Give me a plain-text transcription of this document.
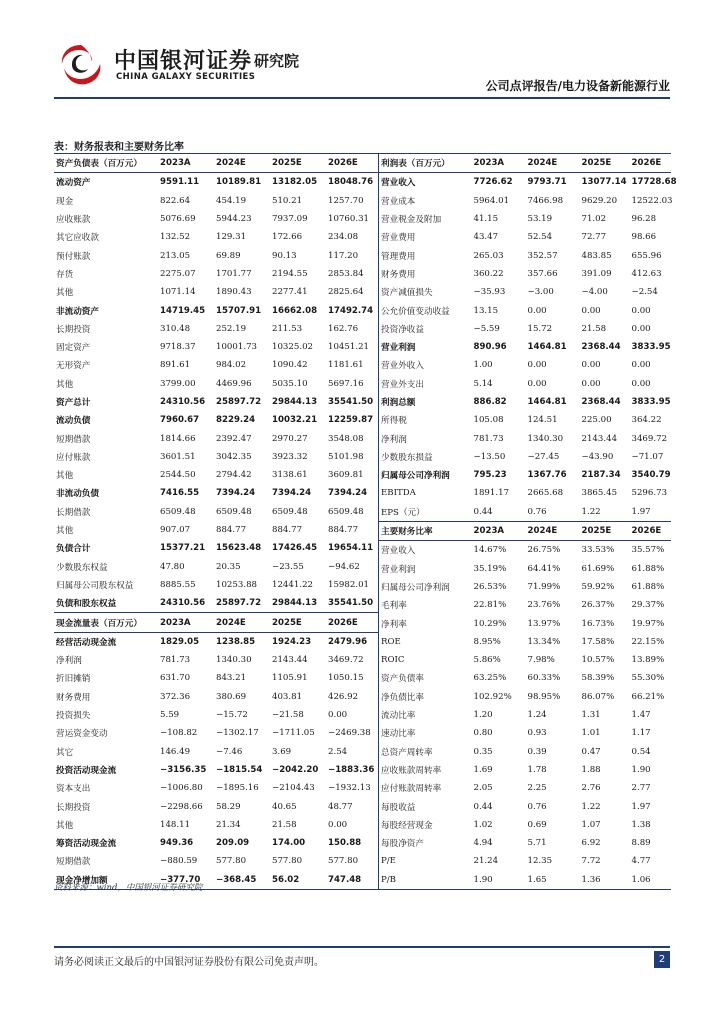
中国银河证券
CHINA GALAXY SECURITIES
研究院
公司点评报告/电力设备新能源行业
表：财务报表和主要财务比率
资产负债表（百万元）	2023A	2024E	2025E	2026E
流动资产	9591.11	10189.81	13182.05	18048.76
现金	822.64	454.19	510.21	1257.70
应收账款	5076.69	5944.23	7937.09	10760.31
其它应收款	132.52	129.31	172.66	234.08
预付账款	213.05	69.89	90.13	117.20
存货	2275.07	1701.77	2194.55	2853.84
其他	1071.14	1890.43	2277.41	2825.64
非流动资产	14719.45	15707.91	16662.08	17492.74
长期投资	310.48	252.19	211.53	162.76
固定资产	9718.37	10001.73	10325.02	10451.21
无形资产	891.61	984.02	1090.42	1181.61
其他	3799.00	4469.96	5035.10	5697.16
资产总计	24310.56	25897.72	29844.13	35541.50
流动负债	7960.67	8229.24	10032.21	12259.87
短期借款	1814.66	2392.47	2970.27	3548.08
应付账款	3601.51	3042.35	3923.32	5101.98
其他	2544.50	2794.42	3138.61	3609.81
非流动负债	7416.55	7394.24	7394.24	7394.24
长期借款	6509.48	6509.48	6509.48	6509.48
其他	907.07	884.77	884.77	884.77
负债合计	15377.21	15623.48	17426.45	19654.11
少数股东权益	47.80	20.35	−23.55	−94.62
归属母公司股东权益	8885.55	10253.88	12441.22	15982.01
负债和股东权益	24310.56	25897.72	29844.13	35541.50
现金流量表（百万元）	2023A	2024E	2025E	2026E
经营活动现金流	1829.05	1238.85	1924.23	2479.96
净利润	781.73	1340.30	2143.44	3469.72
折旧摊销	631.70	843.21	1105.91	1050.15
财务费用	372.36	380.69	403.81	426.92
投资损失	5.59	−15.72	−21.58	0.00
营运资金变动	−108.82	−1302.17	−1711.05	−2469.38
其它	146.49	−7.46	3.69	2.54
投资活动现金流	−3156.35	−1815.54	−2042.20	−1883.36
资本支出	−1006.80	−1895.16	−2104.43	−1932.13
长期投资	−2298.66	58.29	40.65	48.77
其他	148.11	21.34	21.58	0.00
筹资活动现金流	949.36	209.09	174.00	150.88
短期借款	−880.59	577.80	577.80	577.80
现金净增加额	−377.70	−368.45	56.02	747.48
利润表（百万元）	2023A	2024E	2025E	2026E
营业收入	7726.62	9793.71	13077.14	17728.68
营业成本	5964.01	7466.98	9629.20	12522.03
营业税金及附加	41.15	53.19	71.02	96.28
营业费用	43.47	52.54	72.77	98.66
管理费用	265.03	352.57	483.85	655.96
财务费用	360.22	357.66	391.09	412.63
资产减值损失	−35.93	−3.00	−4.00	−2.54
公允价值变动收益	13.15	0.00	0.00	0.00
投资净收益	−5.59	15.72	21.58	0.00
营业利润	890.96	1464.81	2368.44	3833.95
营业外收入	1.00	0.00	0.00	0.00
营业外支出	5.14	0.00	0.00	0.00
利润总额	886.82	1464.81	2368.44	3833.95
所得税	105.08	124.51	225.00	364.22
净利润	781.73	1340.30	2143.44	3469.72
少数股东损益	−13.50	−27.45	−43.90	−71.07
归属母公司净利润	795.23	1367.76	2187.34	3540.79
EBITDA	1891.17	2665.68	3865.45	5296.73
EPS（元）	0.44	0.76	1.22	1.97
主要财务比率	2023A	2024E	2025E	2026E
营业收入	14.67%	26.75%	33.53%	35.57%
营业利润	35.19%	64.41%	61.69%	61.88%
归属母公司净利润	26.53%	71.99%	59.92%	61.88%
毛利率	22.81%	23.76%	26.37%	29.37%
净利率	10.29%	13.97%	16.73%	19.97%
ROE	8.95%	13.34%	17.58%	22.15%
ROIC	5.86%	7.98%	10.57%	13.89%
资产负债率	63.25%	60.33%	58.39%	55.30%
净负债比率	102.92%	98.95%	86.07%	66.21%
流动比率	1.20	1.24	1.31	1.47
速动比率	0.80	0.93	1.01	1.17
总资产周转率	0.35	0.39	0.47	0.54
应收账款周转率	1.69	1.78	1.88	1.90
应付账款周转率	2.05	2.25	2.76	2.77
每股收益	0.44	0.76	1.22	1.97
每股经营现金	1.02	0.69	1.07	1.38
每股净资产	4.94	5.71	6.92	8.89
P/E	21.24	12.35	7.72	4.77
P/B	1.90	1.65	1.36	1.06
资料来源：wind，中国银河证券研究院
请务必阅读正文最后的中国银河证券股份有限公司免责声明。	2
